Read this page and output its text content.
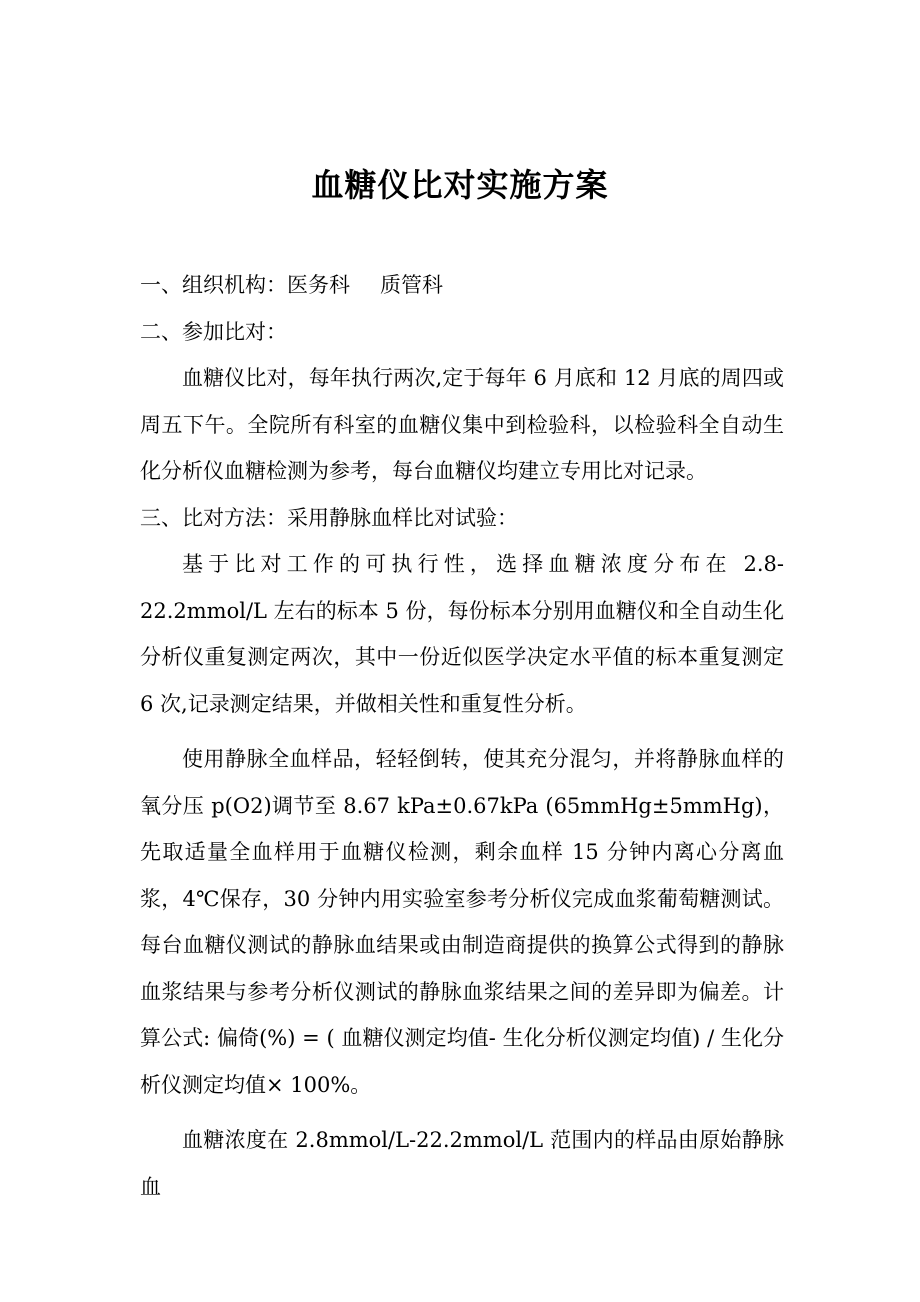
血糖仪比对实施方案

一、组织机构：医务科 质管科

二、参加比对：

血糖仪比对，每年执行两次,定于每年 6 月底和 12 月底的周四或周五下午。全院所有科室的血糖仪集中到检验科，以检验科全自动生化分析仪血糖检测为参考，每台血糖仪均建立专用比对记录。

三、比对方法：采用静脉血样比对试验：

基于比对工作的可执行性，选择血糖浓度分布在 2.8-22.2mmol/L 左右的标本 5 份，每份标本分别用血糖仪和全自动生化分析仪重复测定两次，其中一份近似医学决定水平值的标本重复测定 6 次,记录测定结果，并做相关性和重复性分析。

使用静脉全血样品，轻轻倒转，使其充分混匀，并将静脉血样的氧分压 p(O2)调节至 8.67 kPa±0.67kPa (65mmHg±5mmHg)，先取适量全血样用于血糖仪检测，剩余血样 15 分钟内离心分离血浆，4℃保存，30 分钟内用实验室参考分析仪完成血浆葡萄糖测试。每台血糖仪测试的静脉血结果或由制造商提供的换算公式得到的静脉血浆结果与参考分析仪测试的静脉血浆结果之间的差异即为偏差。计算公式: 偏倚(%) = ( 血糖仪测定均值- 生化分析仪测定均值) / 生化分析仪测定均值× 100%。

血糖浓度在 2.8mmol/L-22.2mmol/L 范围内的样品由原始静脉血
